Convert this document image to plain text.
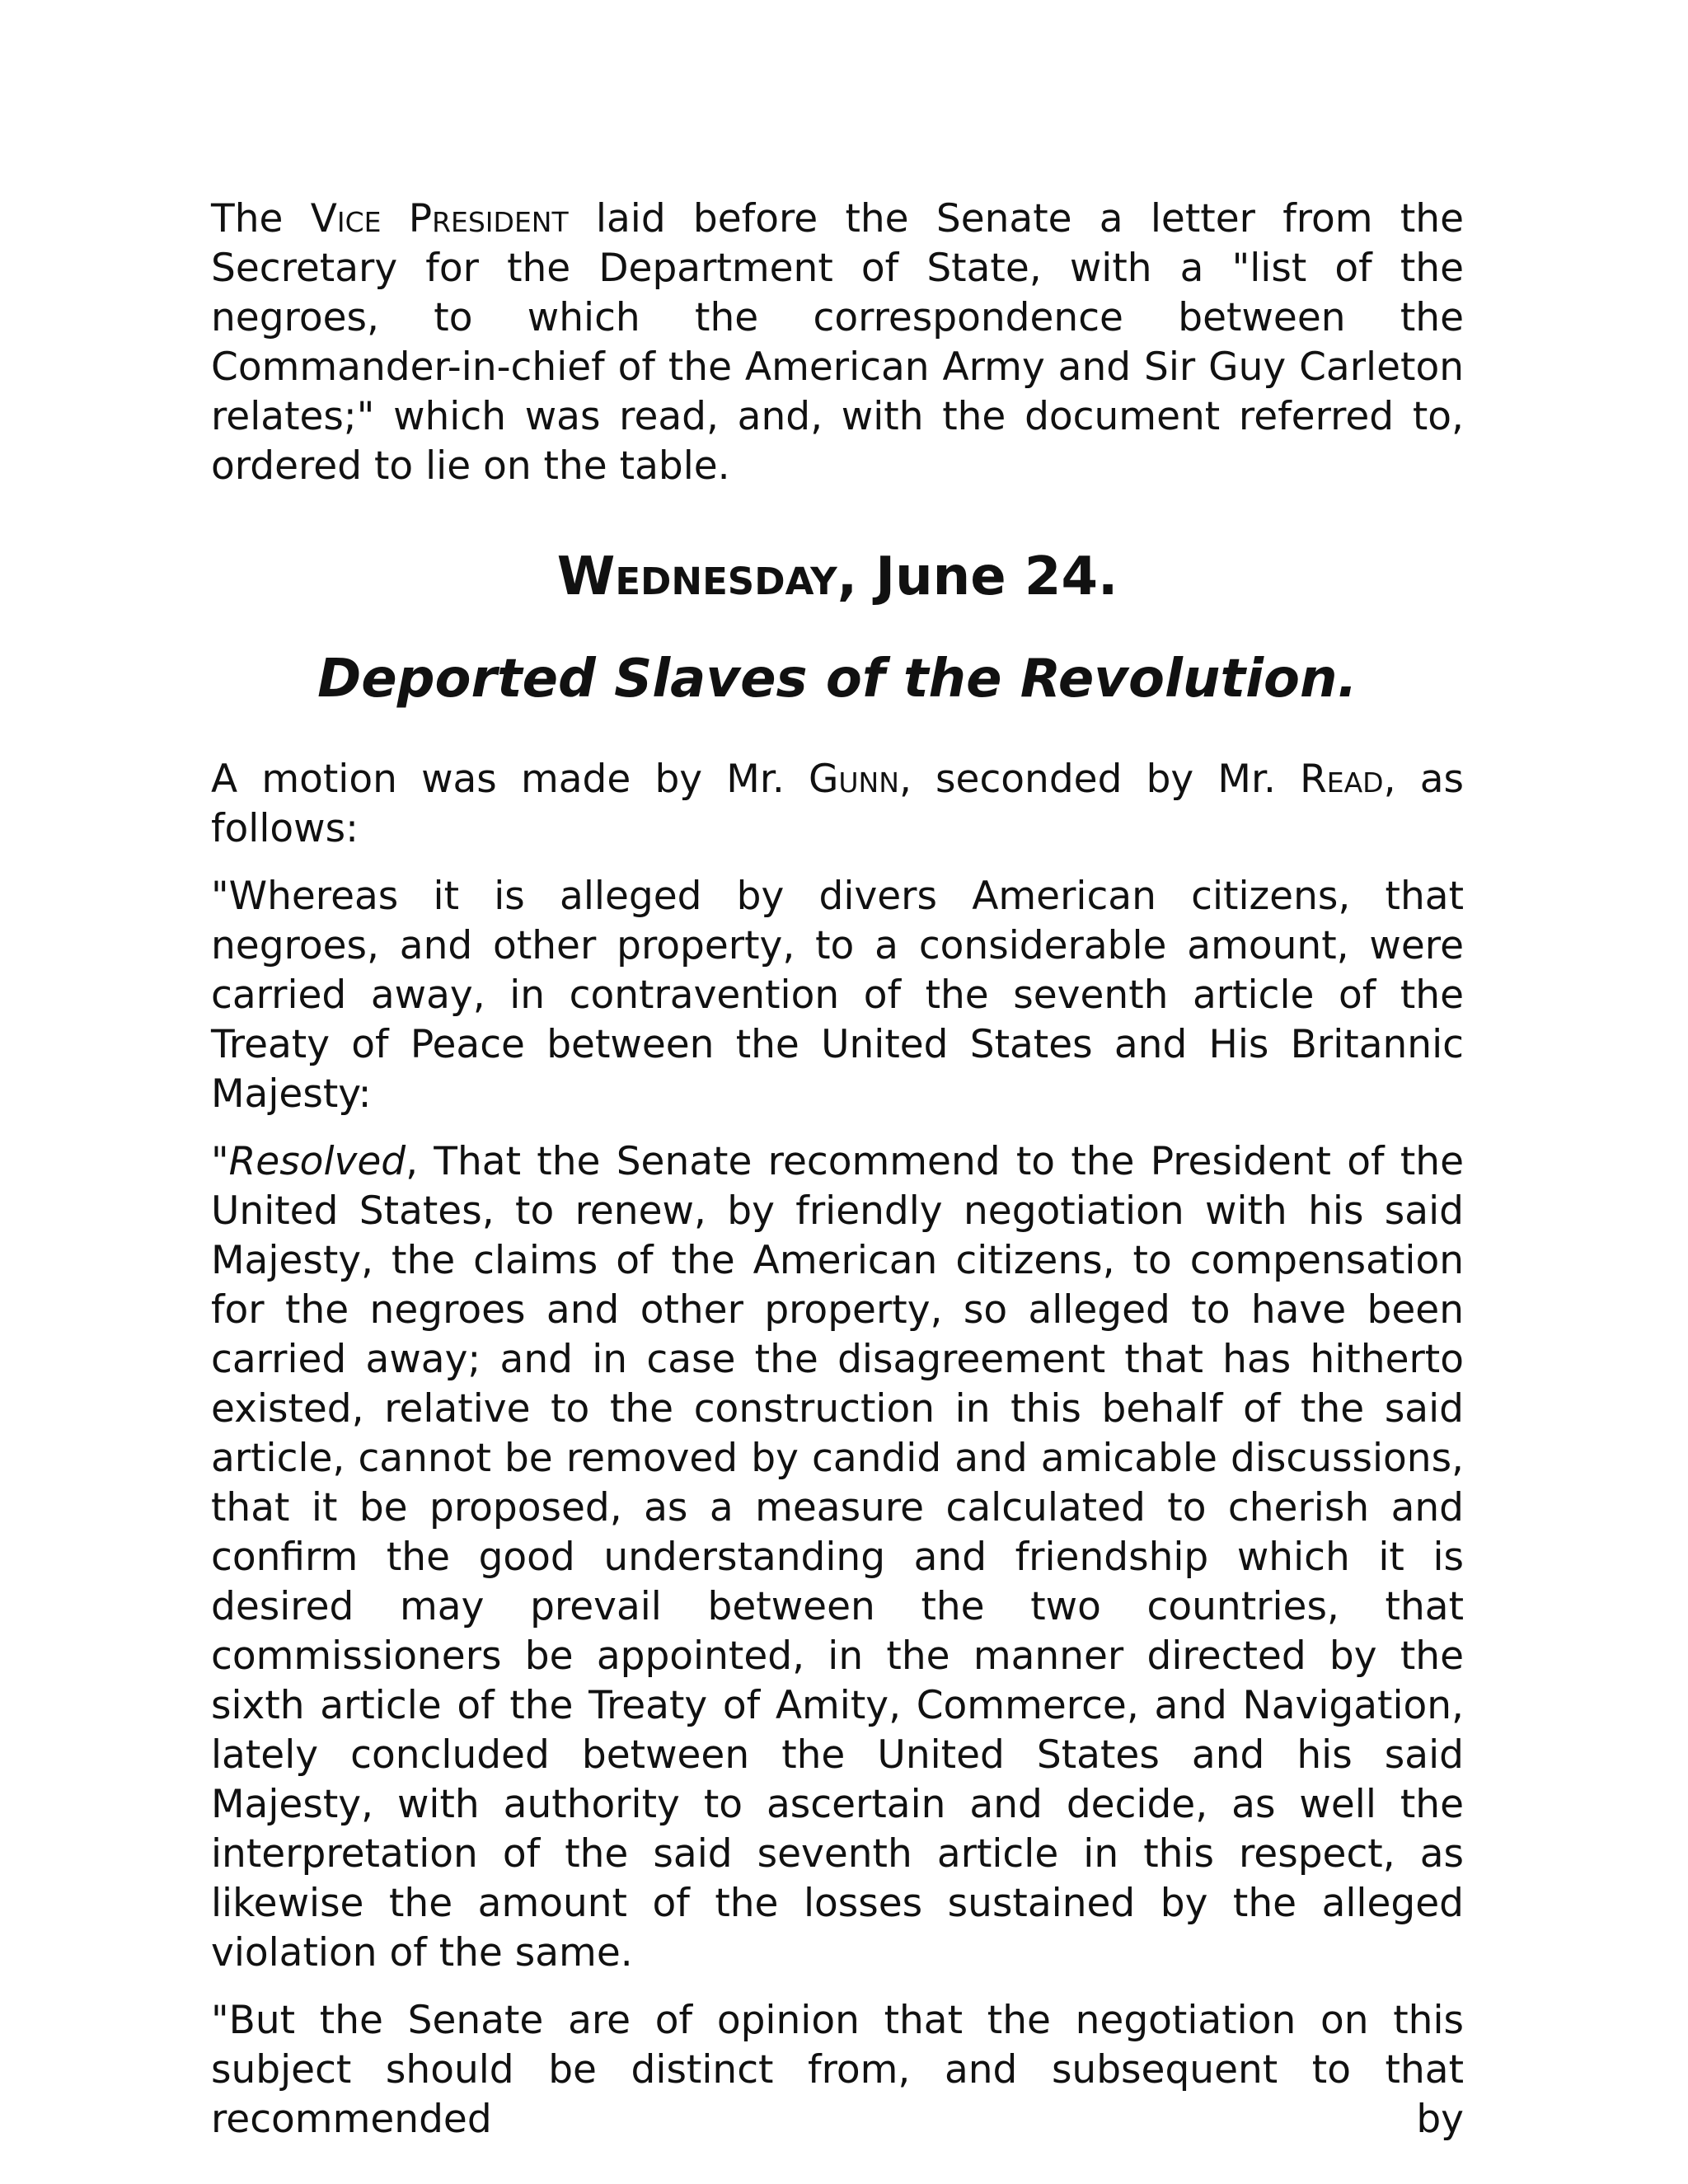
The Vice President laid before the Senate a letter from the Secretary for the Department of State, with a "list of the negroes, to which the correspondence between the Commander-in-chief of the American Army and Sir Guy Carleton relates;" which was read, and, with the document referred to, ordered to lie on the table.

Wednesday, June 24.
Deported Slaves of the Revolution.

A motion was made by Mr. Gunn, seconded by Mr. Read, as follows:

"Whereas it is alleged by divers American citizens, that negroes, and other property, to a considerable amount, were carried away, in contravention of the seventh article of the Treaty of Peace between the United States and His Britannic Majesty:

"Resolved, That the Senate recommend to the President of the United States, to renew, by friendly negotiation with his said Majesty, the claims of the American citizens, to compensation for the negroes and other property, so alleged to have been carried away; and in case the disagreement that has hitherto existed, relative to the construction in this behalf of the said article, cannot be removed by candid and amicable discussions, that it be proposed, as a measure calculated to cherish and confirm the good understanding and friendship which it is desired may prevail between the two countries, that commissioners be appointed, in the manner directed by the sixth article of the Treaty of Amity, Commerce, and Navigation, lately concluded between the United States and his said Majesty, with authority to ascertain and decide, as well the interpretation of the said seventh article in this respect, as likewise the amount of the losses sustained by the alleged violation of the same.

"But the Senate are of opinion that the negotiation on this subject should be distinct from, and subsequent to that recommended by
